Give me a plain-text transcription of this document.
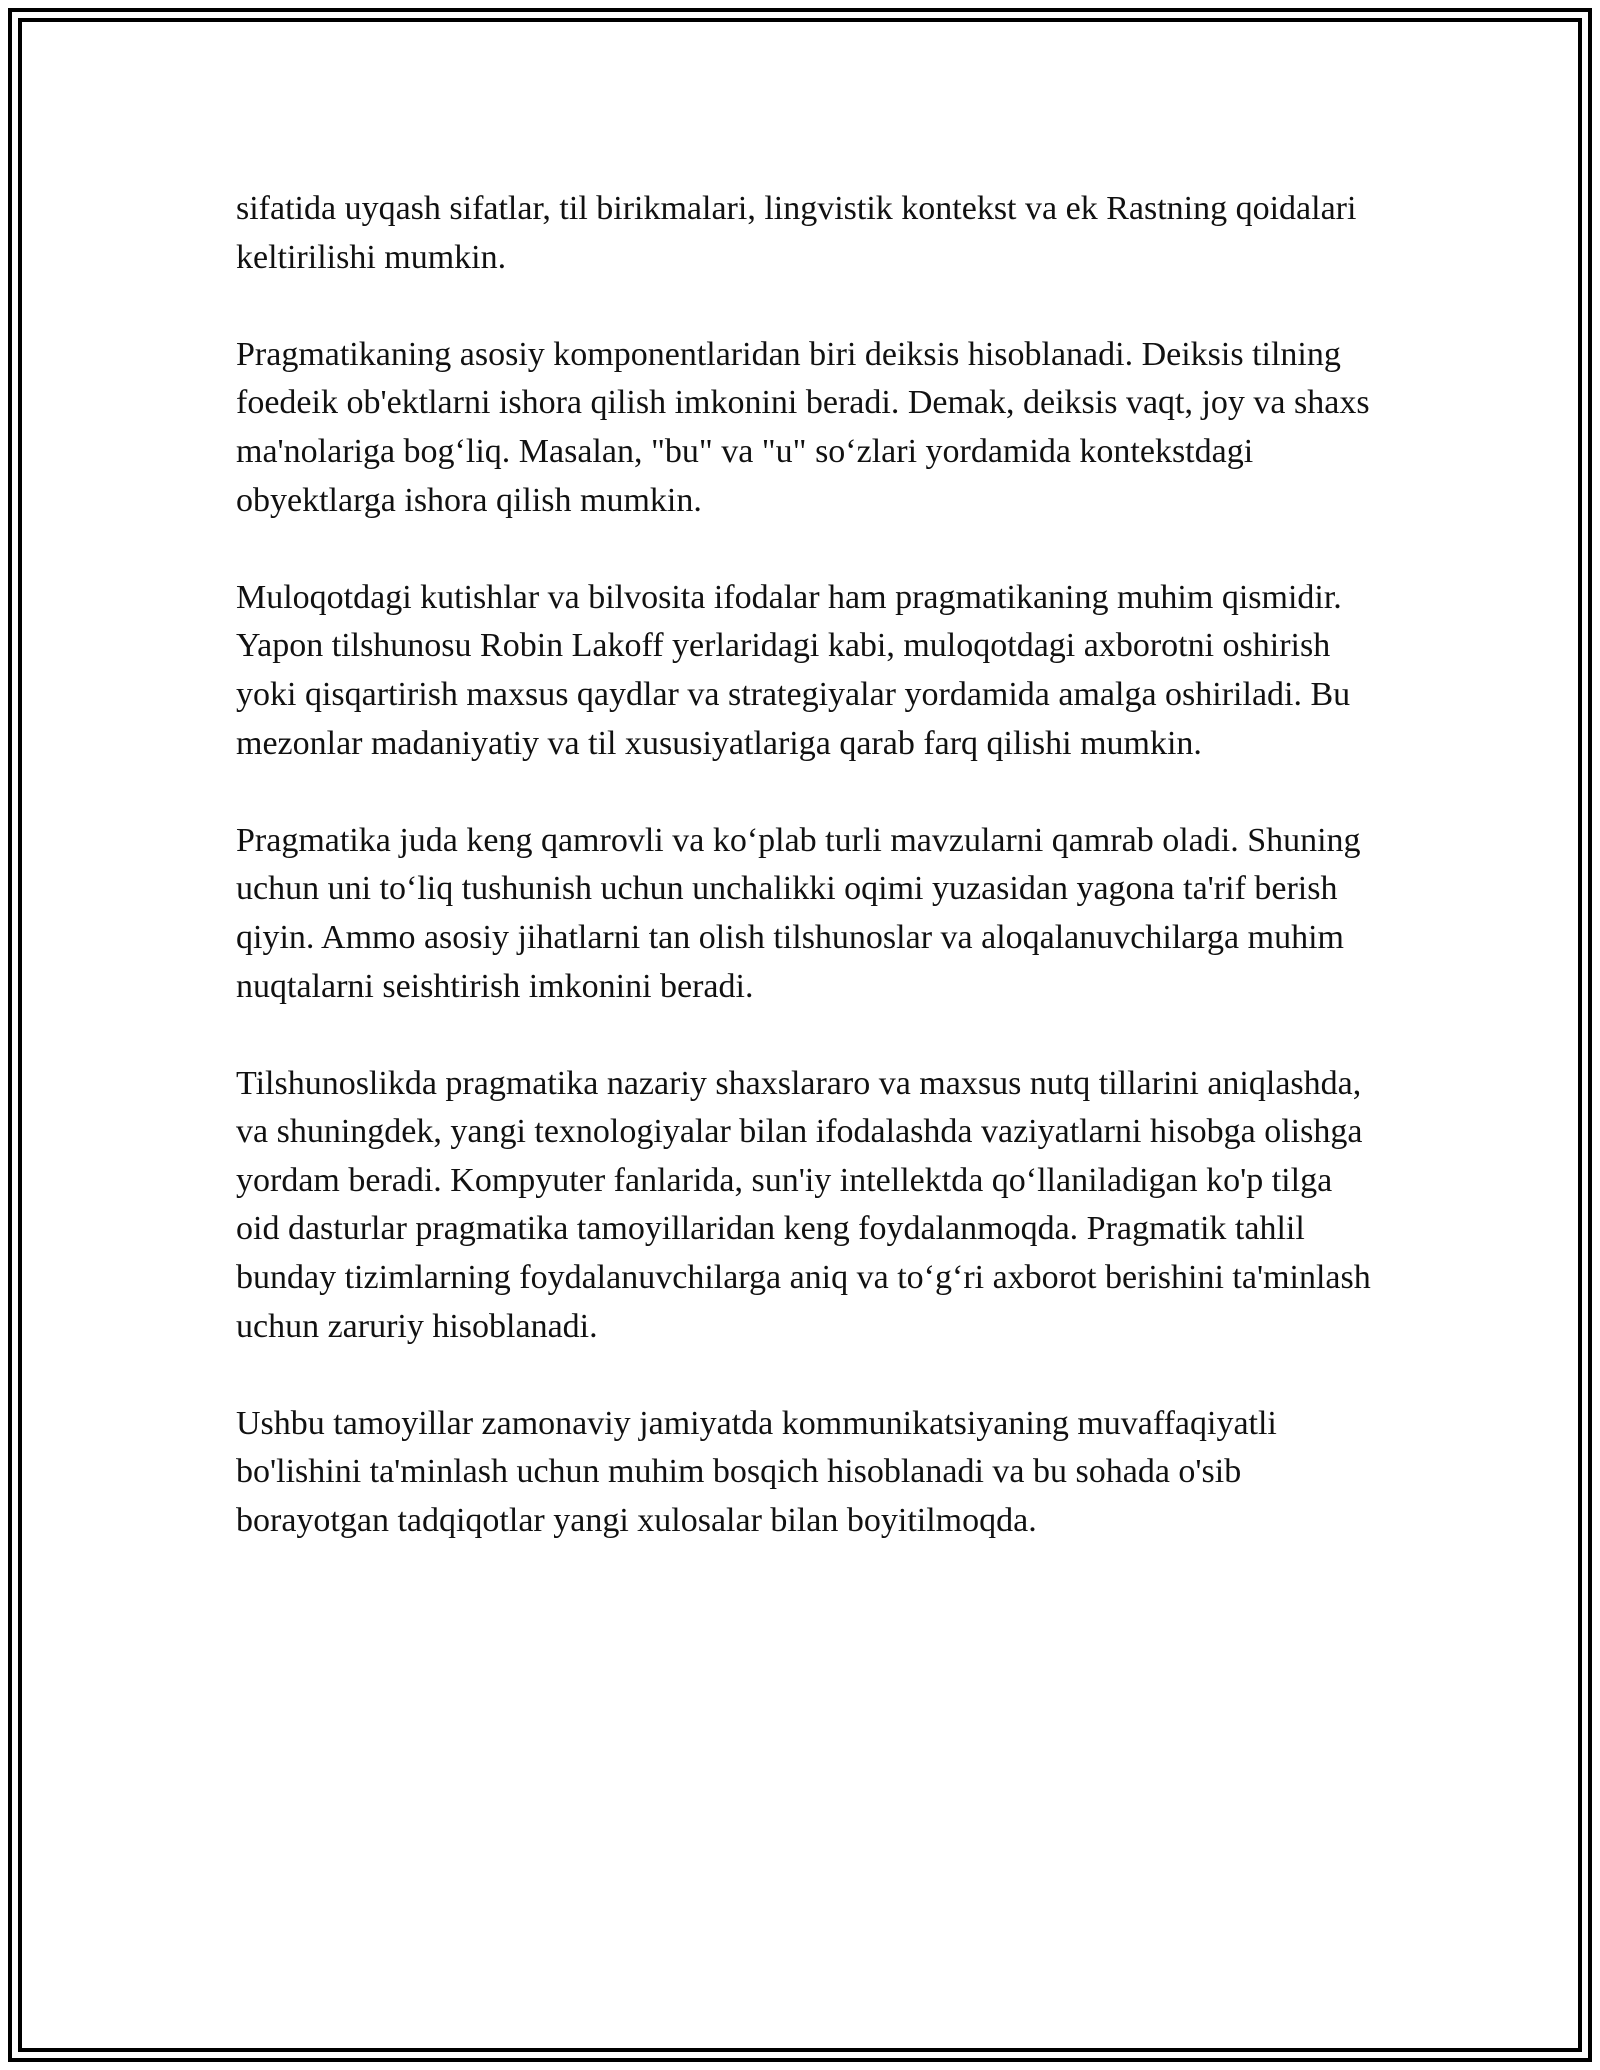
sifatida uyqash sifatlar, til birikmalari, lingvistik kontekst va ek Rastning qoidalari keltirilishi mumkin.

Pragmatikaning asosiy komponentlaridan biri deiksis hisoblanadi. Deiksis tilning foedeik ob'ektlarni ishora qilish imkonini beradi. Demak, deiksis vaqt, joy va shaxs ma'nolariga bog‘liq. Masalan, "bu" va "u" so‘zlari yordamida kontekstdagi obyektlarga ishora qilish mumkin.

Muloqotdagi kutishlar va bilvosita ifodalar ham pragmatikaning muhim qismidir. Yapon tilshunosu Robin Lakoff yerlaridagi kabi, muloqotdagi axborotni oshirish yoki qisqartirish maxsus qaydlar va strategiyalar yordamida amalga oshiriladi. Bu mezonlar madaniyatiy va til xususiyatlariga qarab farq qilishi mumkin.

Pragmatika juda keng qamrovli va ko‘plab turli mavzularni qamrab oladi. Shuning uchun uni to‘liq tushunish uchun unchalikki oqimi yuzasidan yagona ta'rif berish qiyin. Ammo asosiy jihatlarni tan olish tilshunoslar va aloqalanuvchilarga muhim nuqtalarni seishtirish imkonini beradi.

Tilshunoslikda pragmatika nazariy shaxslararo va maxsus nutq tillarini aniqlashda, va shuningdek, yangi texnologiyalar bilan ifodalashda vaziyatlarni hisobga olishga yordam beradi. Kompyuter fanlarida, sun'iy intellektda qo‘llaniladigan ko'p tilga oid dasturlar pragmatika tamoyillaridan keng foydalanmoqda. Pragmatik tahlil bunday tizimlarning foydalanuvchilarga aniq va to‘g‘ri axborot berishini ta'minlash uchun zaruriy hisoblanadi.

Ushbu tamoyillar zamonaviy jamiyatda kommunikatsiyaning muvaffaqiyatli bo'lishini ta'minlash uchun muhim bosqich hisoblanadi va bu sohada o'sib borayotgan tadqiqotlar yangi xulosalar bilan boyitilmoqda.
